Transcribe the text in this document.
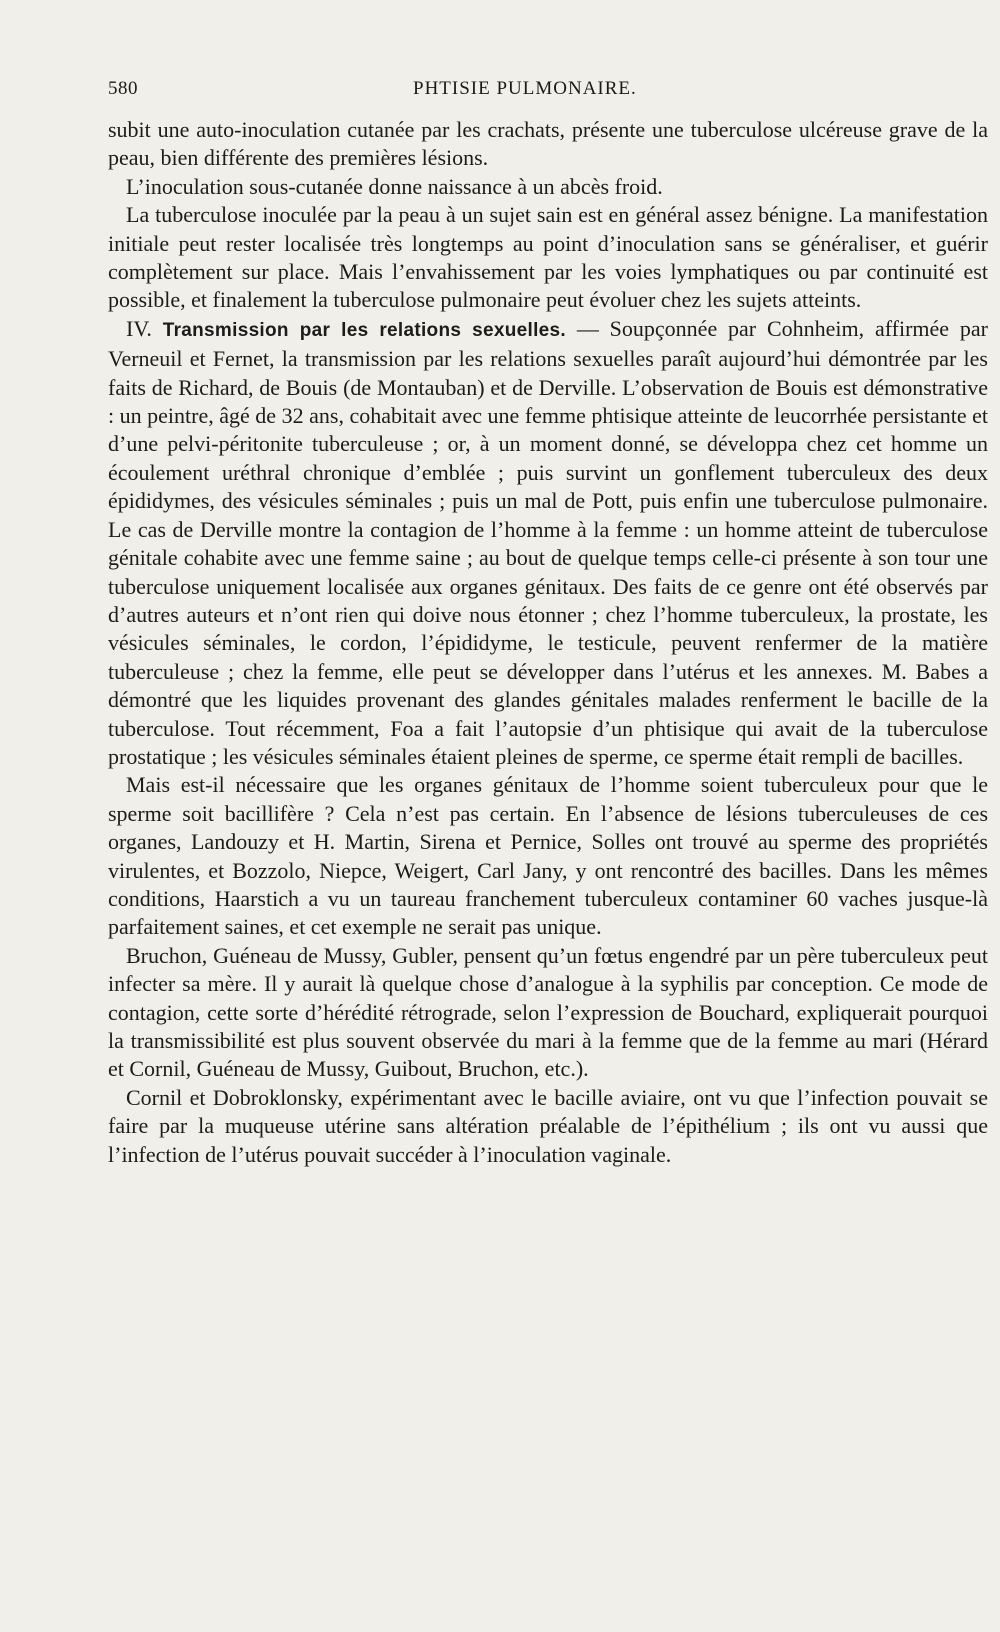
580	PHTISIE PULMONAIRE.

subit une auto-inoculation cutanée par les crachats, présente une tuberculose ulcéreuse grave de la peau, bien différente des premières lésions.

L’inoculation sous-cutanée donne naissance à un abcès froid.

La tuberculose inoculée par la peau à un sujet sain est en général assez bénigne. La manifestation initiale peut rester localisée très longtemps au point d’inoculation sans se généraliser, et guérir complètement sur place. Mais l’envahissement par les voies lymphatiques ou par continuité est possible, et finalement la tuberculose pulmonaire peut évoluer chez les sujets atteints.

IV. Transmission par les relations sexuelles. — Soupçonnée par Cohnheim, affirmée par Verneuil et Fernet, la transmission par les relations sexuelles paraît aujourd’hui démontrée par les faits de Richard, de Bouis (de Montauban) et de Derville. L’observation de Bouis est démonstrative : un peintre, âgé de 32 ans, cohabitait avec une femme phtisique atteinte de leucorrhée persistante et d’une pelvi-péritonite tuberculeuse ; or, à un moment donné, se développa chez cet homme un écoulement uréthral chronique d’emblée ; puis survint un gonflement tuberculeux des deux épididymes, des vésicules séminales ; puis un mal de Pott, puis enfin une tuberculose pulmonaire. Le cas de Derville montre la contagion de l’homme à la femme : un homme atteint de tuberculose génitale cohabite avec une femme saine ; au bout de quelque temps celle-ci présente à son tour une tuberculose uniquement localisée aux organes génitaux. Des faits de ce genre ont été observés par d’autres auteurs et n’ont rien qui doive nous étonner ; chez l’homme tuberculeux, la prostate, les vésicules séminales, le cordon, l’épididyme, le testicule, peuvent renfermer de la matière tuberculeuse ; chez la femme, elle peut se développer dans l’utérus et les annexes. M. Babes a démontré que les liquides provenant des glandes génitales malades renferment le bacille de la tuberculose. Tout récemment, Foa a fait l’autopsie d’un phtisique qui avait de la tuberculose prostatique ; les vésicules séminales étaient pleines de sperme, ce sperme était rempli de bacilles.

Mais est-il nécessaire que les organes génitaux de l’homme soient tuberculeux pour que le sperme soit bacillifère ? Cela n’est pas certain. En l’absence de lésions tuberculeuses de ces organes, Landouzy et H. Martin, Sirena et Pernice, Solles ont trouvé au sperme des propriétés virulentes, et Bozzolo, Niepce, Weigert, Carl Jany, y ont rencontré des bacilles. Dans les mêmes conditions, Haarstich a vu un taureau franchement tuberculeux contaminer 60 vaches jusque-là parfaitement saines, et cet exemple ne serait pas unique.

Bruchon, Guéneau de Mussy, Gubler, pensent qu’un fœtus engendré par un père tuberculeux peut infecter sa mère. Il y aurait là quelque chose d’analogue à la syphilis par conception. Ce mode de contagion, cette sorte d’hérédité rétrograde, selon l’expression de Bouchard, expliquerait pourquoi la transmissibilité est plus souvent observée du mari à la femme que de la femme au mari (Hérard et Cornil, Guéneau de Mussy, Guibout, Bruchon, etc.).

Cornil et Dobroklonsky, expérimentant avec le bacille aviaire, ont vu que l’infection pouvait se faire par la muqueuse utérine sans altération préalable de l’épithélium ; ils ont vu aussi que l’infection de l’utérus pouvait succéder à l’inoculation vaginale.
